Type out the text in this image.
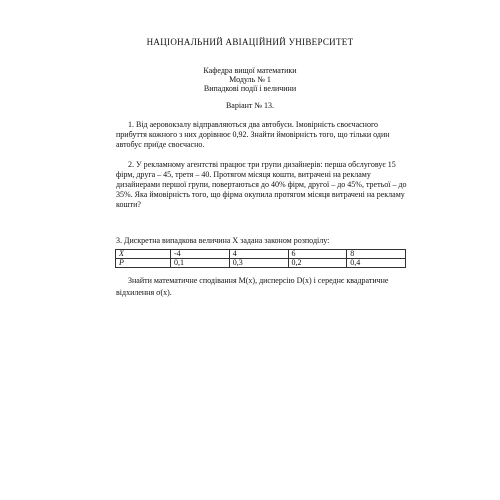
НАЦІОНАЛЬНИЙ АВІАЦІЙНИЙ УНІВЕРСИТЕТ
Кафедра вищої математики
Модуль № 1
Випадкові події і величини
Варіант № 13.
1. Від аеровокзалу відправляються два автобуси. Імовірність своєчасного
прибуття кожного з них дорівнює 0,92. Знайти ймовірність того, що тільки один
автобус приїде своєчасно.
2. У рекламному агентстві працює три групи дизайнерів: перша обслуговує 15
фірм, друга – 45, третя – 40. Протягом місяця кошти, витрачені на рекламу
дизайнерами першої групи, повертаються до 40% фірм, другої – до 45%, третьої – до
35%. Яка ймовірність того, що фірма окупила протягом місяця витрачені на рекламу
кошти?
3. Дискретна випадкова величина X задана законом розподілу:
X	-4	4	6	8
P	0,1	0,3	0,2	0,4
Знайти математичне сподівання M(x), дисперсію D(x) і середнє квадратичне
відхилення σ(x).
